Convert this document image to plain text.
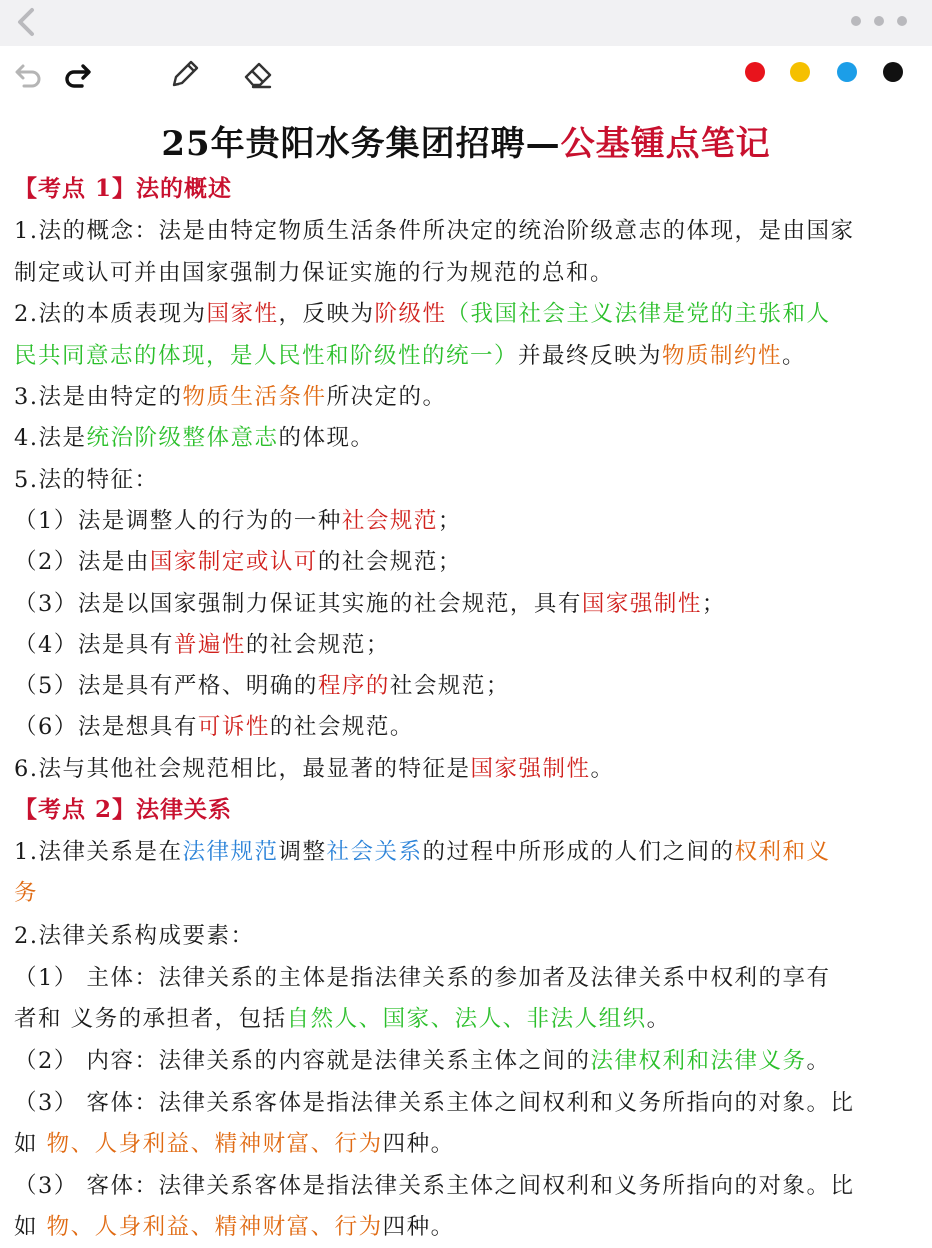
25年贵阳水务集团招聘—公基锺点笔记
【考点 1】法的概述
1.法的概念：法是由特定物质生活条件所决定的统治阶级意志的体现，是由国家
制定或认可并由国家强制力保证实施的行为规范的总和。
2.法的本质表现为国家性，反映为阶级性（我国社会主义法律是党的主张和人
民共同意志的体现，是人民性和阶级性的统一）并最终反映为物质制约性。
3.法是由特定的物质生活条件所决定的。
4.法是统治阶级整体意志的体现。
5.法的特征：
（1）法是调整人的行为的一种社会规范；
（2）法是由国家制定或认可的社会规范；
（3）法是以国家强制力保证其实施的社会规范，具有国家强制性；
（4）法是具有普遍性的社会规范；
（5）法是具有严格、明确的程序的社会规范；
（6）法是想具有可诉性的社会规范。
6.法与其他社会规范相比，最显著的特征是国家强制性。
【考点 2】法律关系
1.法律关系是在法律规范调整社会关系的过程中所形成的人们之间的权利和义
务
2.法律关系构成要素：
（1） 主体：法律关系的主体是指法律关系的参加者及法律关系中权利的享有
者和 义务的承担者，包括自然人、国家、法人、非法人组织。
（2） 内容：法律关系的内容就是法律关系主体之间的法律权利和法律义务。
（3） 客体：法律关系客体是指法律关系主体之间权利和义务所指向的对象。比
如 物、人身利益、精神财富、行为四种。
（3） 客体：法律关系客体是指法律关系主体之间权利和义务所指向的对象。比
如 物、人身利益、精神财富、行为四种。
